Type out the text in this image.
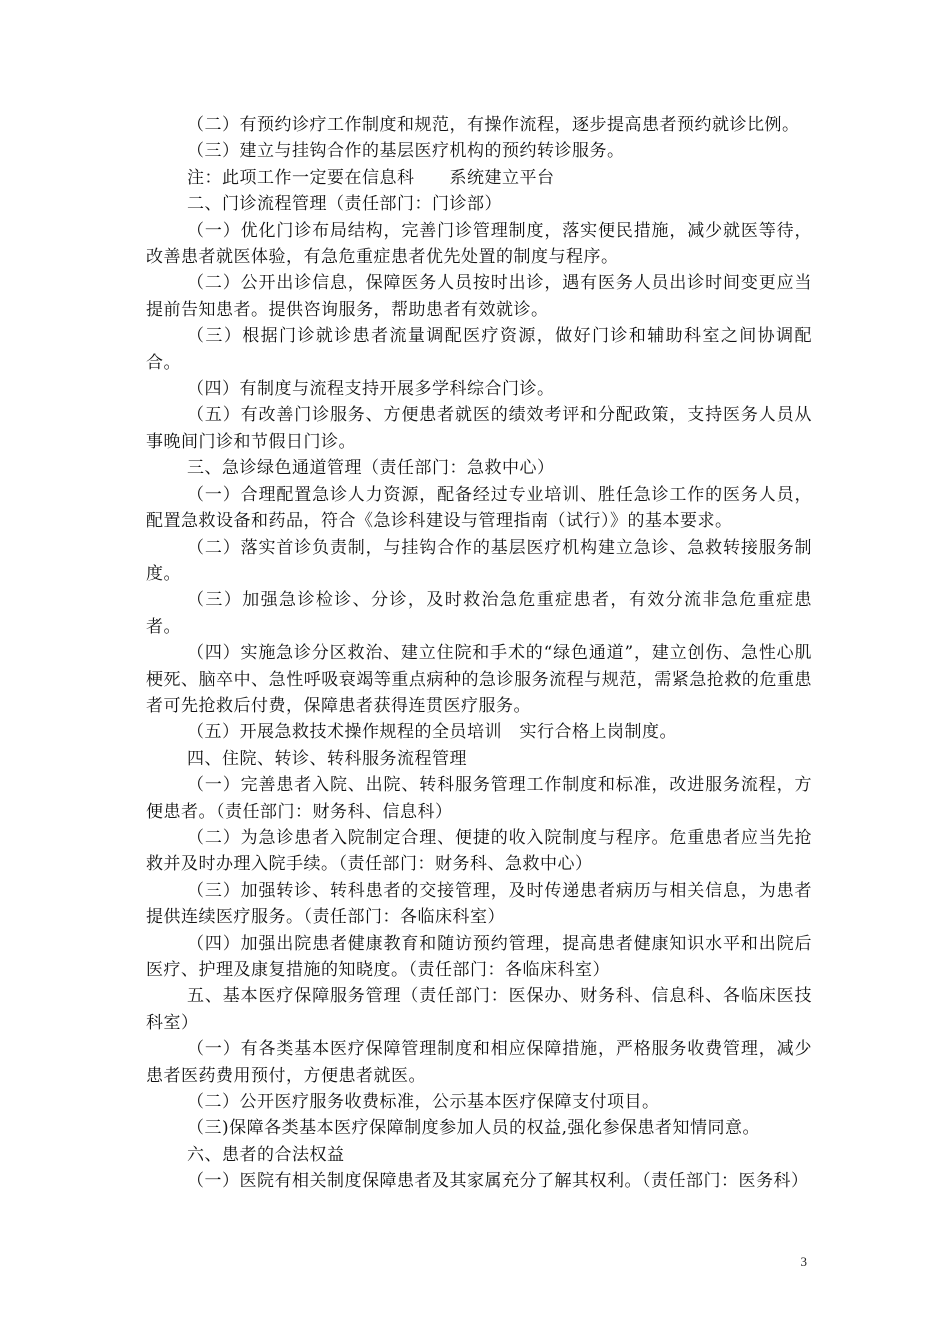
（二）有预约诊疗工作制度和规范，有操作流程，逐步提高患者预约就诊比例。

（三）建立与挂钩合作的基层医疗机构的预约转诊服务。

注：此项工作一定要在信息科　　系统建立平台

二、门诊流程管理（责任部门：门诊部）

（一）优化门诊布局结构，完善门诊管理制度，落实便民措施，减少就医等待，改善患者就医体验，有急危重症患者优先处置的制度与程序。

（二）公开出诊信息，保障医务人员按时出诊，遇有医务人员出诊时间变更应当提前告知患者。提供咨询服务，帮助患者有效就诊。

（三）根据门诊就诊患者流量调配医疗资源，做好门诊和辅助科室之间协调配合。

（四）有制度与流程支持开展多学科综合门诊。

（五）有改善门诊服务、方便患者就医的绩效考评和分配政策，支持医务人员从事晚间门诊和节假日门诊。

三、急诊绿色通道管理（责任部门：急救中心）

（一）合理配置急诊人力资源，配备经过专业培训、胜任急诊工作的医务人员，配置急救设备和药品，符合《急诊科建设与管理指南（试行）》的基本要求。

（二）落实首诊负责制，与挂钩合作的基层医疗机构建立急诊、急救转接服务制度。

（三）加强急诊检诊、分诊，及时救治急危重症患者，有效分流非急危重症患者。

（四）实施急诊分区救治、建立住院和手术的“绿色通道”，建立创伤、急性心肌梗死、脑卒中、急性呼吸衰竭等重点病种的急诊服务流程与规范，需紧急抢救的危重患者可先抢救后付费，保障患者获得连贯医疗服务。

（五）开展急救技术操作规程的全员培训　实行合格上岗制度。

四、住院、转诊、转科服务流程管理

（一）完善患者入院、出院、转科服务管理工作制度和标准，改进服务流程，方便患者。（责任部门：财务科、信息科）

（二）为急诊患者入院制定合理、便捷的收入院制度与程序。危重患者应当先抢救并及时办理入院手续。（责任部门：财务科、急救中心）

（三）加强转诊、转科患者的交接管理，及时传递患者病历与相关信息，为患者提供连续医疗服务。（责任部门：各临床科室）

（四）加强出院患者健康教育和随访预约管理，提高患者健康知识水平和出院后医疗、护理及康复措施的知晓度。（责任部门：各临床科室）

五、基本医疗保障服务管理（责任部门：医保办、财务科、信息科、各临床医技科室）

（一）有各类基本医疗保障管理制度和相应保障措施，严格服务收费管理，减少患者医药费用预付，方便患者就医。

（二）公开医疗服务收费标准，公示基本医疗保障支付项目。

（三)保障各类基本医疗保障制度参加人员的权益,强化参保患者知情同意。

六、患者的合法权益

（一）医院有相关制度保障患者及其家属充分了解其权利。（责任部门：医务科）

3
